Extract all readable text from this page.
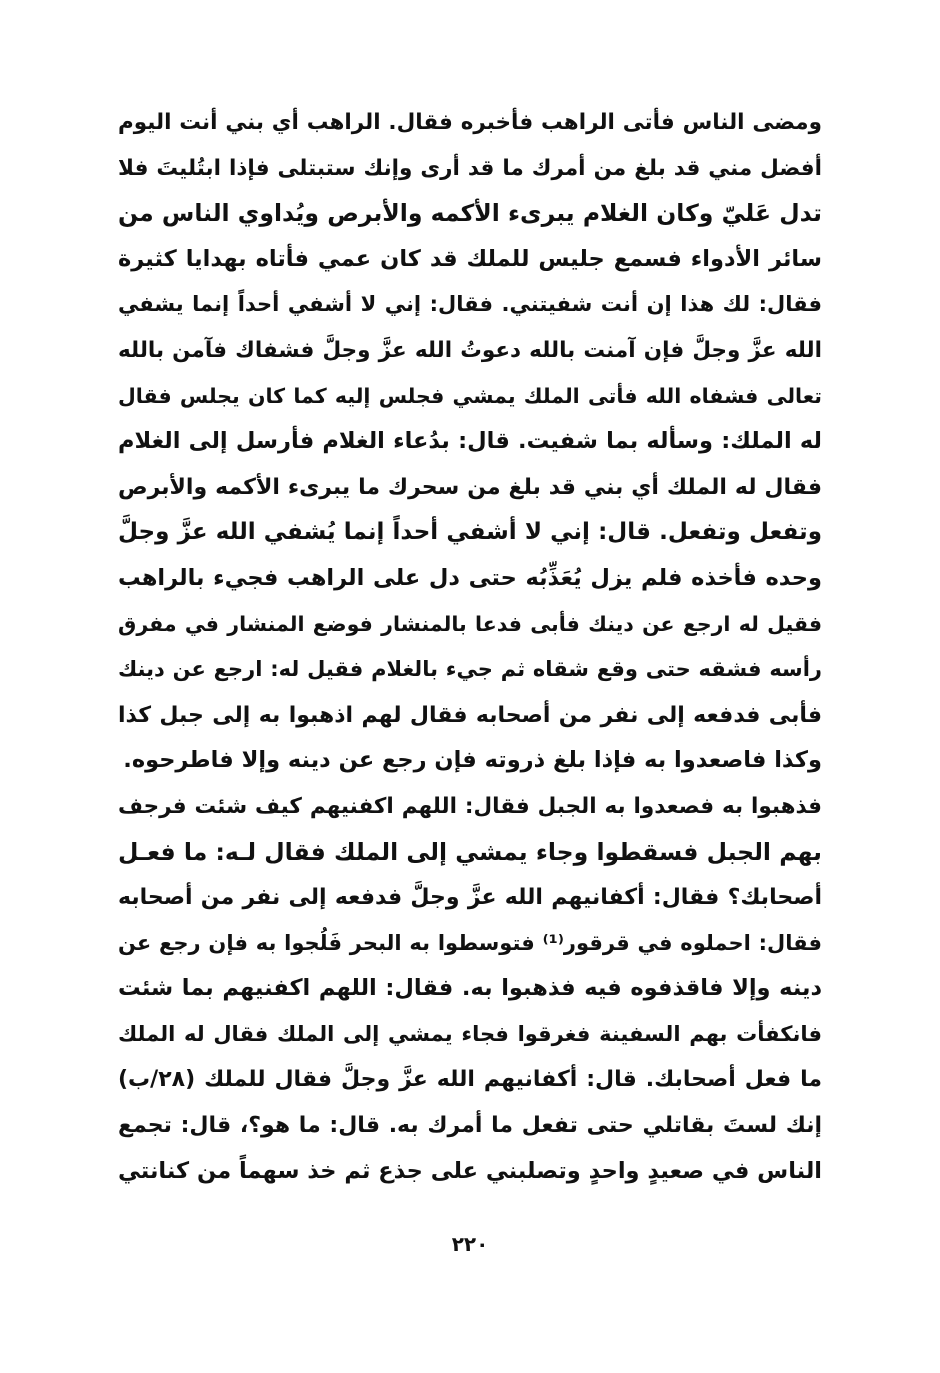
ومضى الناس فأتى الراهب فأخبره فقال. الراهب أي بني أنت اليوم
أفضل مني قد بلغ من أمرك ما قد أرى وإنك ستبتلى فإذا ابتُليتَ فلا
تدل عَليّ وكان الغلام يبرىء الأكمه والأبرص ويُداوي الناس من
سائر الأدواء فسمع جليس للملك قد كان عمي فأتاه بهدايا كثيرة
فقال: لك هذا إن أنت شفيتني. فقال: إني لا أشفي أحداً إنما يشفي
الله عزَّ وجلَّ فإن آمنت بالله دعوتُ الله عزَّ وجلَّ فشفاك فآمن بالله
تعالى فشفاه الله فأتى الملك يمشي فجلس إليه كما كان يجلس فقال
له الملك: وسأله بما شفيت. قال: بدُعاء الغلام فأرسل إلى الغلام
فقال له الملك أي بني قد بلغ من سحرك ما يبرىء الأكمه والأبرص
وتفعل وتفعل. قال: إني لا أشفي أحداً إنما يُشفي الله عزَّ وجلَّ
وحده فأخذه فلم يزل يُعَذِّبُه حتى دل على الراهب فجيء بالراهب
فقيل له ارجع عن دينك فأبى فدعا بالمنشار فوضع المنشار في مفرق
رأسه فشقه حتى وقع شقاه ثم جيء بالغلام فقيل له: ارجع عن دينك
فأبى فدفعه إلى نفر من أصحابه فقال لهم اذهبوا به إلى جبل كذا
وكذا فاصعدوا به فإذا بلغ ذروته فإن رجع عن دينه وإلا فاطرحوه.
فذهبوا به فصعدوا به الجبل فقال: اللهم اكفنيهم كيف شئت فرجف
بهم الجبل فسقطوا وجاء يمشي إلى الملك فقال لـه: ما فعـل
أصحابك؟ فقال: أكفانيهم الله عزَّ وجلَّ فدفعه إلى نفر من أصحابه
فقال: احملوه في قرقور⁽¹⁾ فتوسطوا به البحر فَلُجوا به فإن رجع عن
دينه وإلا فاقذفوه فيه فذهبوا به. فقال: اللهم اكفنيهم بما شئت
فانكفأت بهم السفينة فغرقوا فجاء يمشي إلى الملك فقال له الملك
ما فعل أصحابك. قال: أكفانيهم الله عزَّ وجلَّ فقال للملك (٢٨/ب)
إنك لستَ بقاتلي حتى تفعل ما أمرك به. قال: ما هو؟، قال: تجمع
الناس في صعيدٍ واحدٍ وتصلبني على جذع ثم خذ سهماً من كنانتي
٢٢٠
